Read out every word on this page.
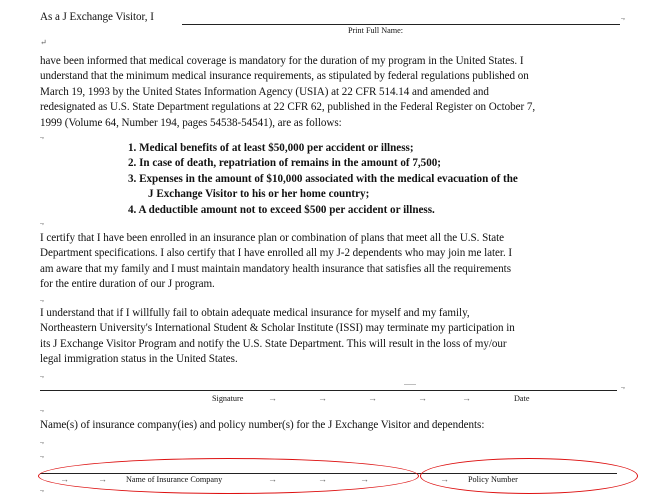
As a J Exchange Visitor, I	.,
Print Full Name:
↵
have been informed that medical coverage is mandatory for the duration of my program in the United States. I
understand that the minimum medical insurance requirements, as stipulated by federal regulations published on
March 19, 1993 by the United States Information Agency (USIA) at 22 CFR 514.14 and amended and
redesignated as U.S. State Department regulations at 22 CFR 62, published in the Federal Register on October 7,
1999 (Volume 64, Number 194, pages 54538-54541), are as follows:
.,
1. Medical benefits of at least $50,000 per accident or illness;
2. In case of death, repatriation of remains in the amount of 7,500;
3. Expenses in the amount of $10,000 associated with the medical evacuation of the
J Exchange Visitor to his or her home country;
4. A deductible amount not to exceed $500 per accident or illness.
.,
I certify that I have been enrolled in an insurance plan or combination of plans that meet all the U.S. State
Department specifications. I also certify that I have enrolled all my J-2 dependents who may join me later. I
am aware that my family and I must maintain mandatory health insurance that satisfies all the requirements
for the entire duration of our J program.
.,
I understand that if I willfully fail to obtain adequate medical insurance for myself and my family,
Northeastern University's International Student & Scholar Institute (ISSI) may terminate my participation in
its J Exchange Visitor Program and notify the U.S. State Department. This will result in the loss of my/our
legal immigration status in the United States.
.,
......	.,
Signature	→	→	→	→	→	Date
.,
Name(s) of insurance company(ies) and policy number(s) for the J Exchange Visitor and dependents:
.,
.,
→	→ Name of Insurance Company	→	→	→	→ Policy Number
.,
